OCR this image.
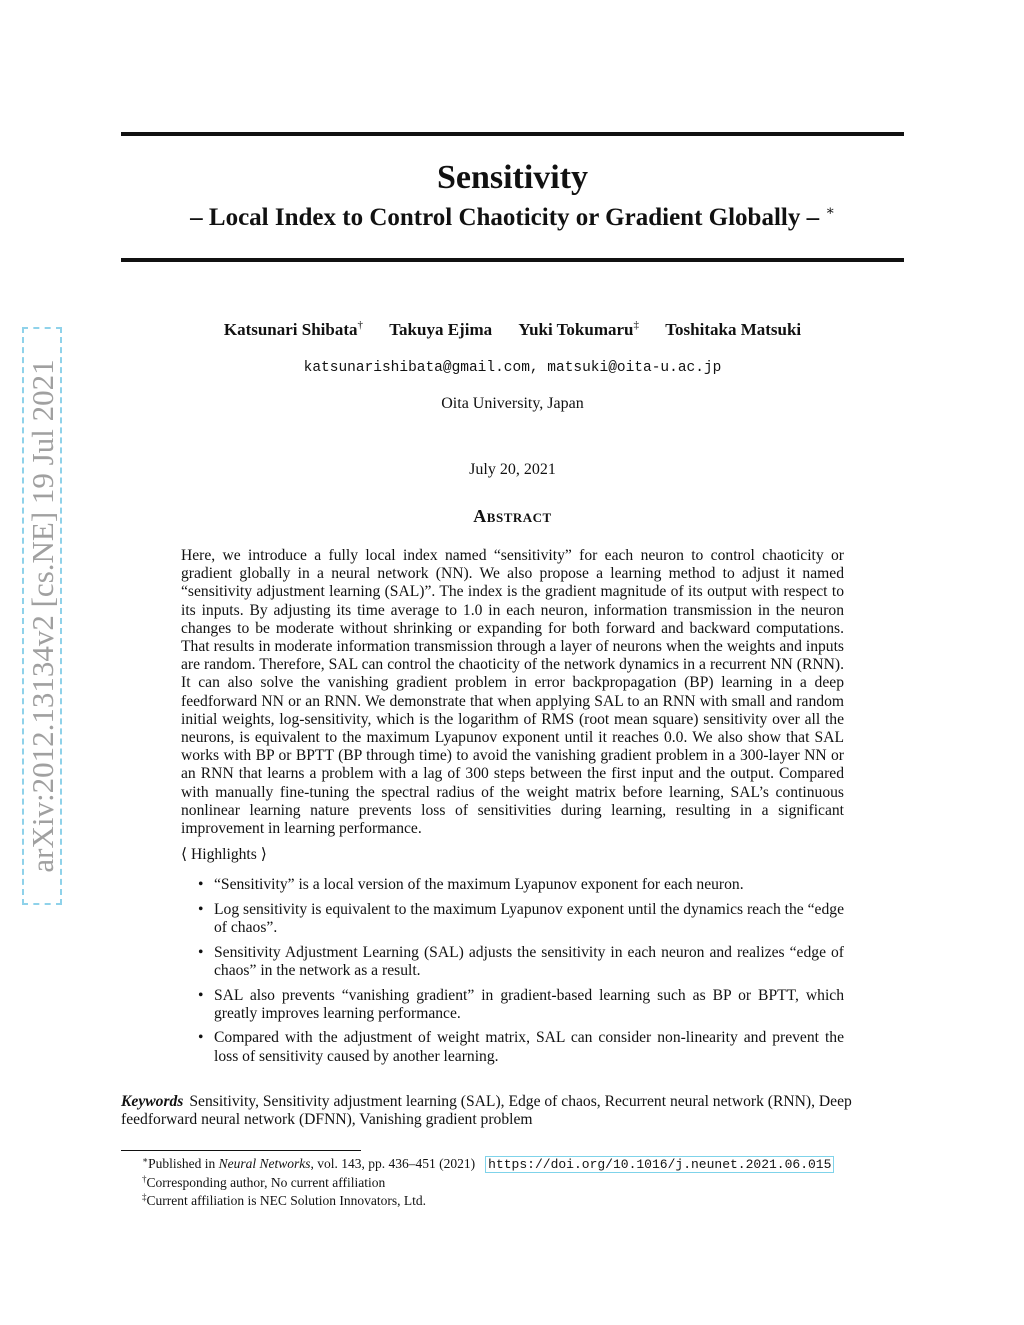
arXiv:2012.13134v2 [cs.NE] 19 Jul 2021
Sensitivity
– Local Index to Control Chaoticity or Gradient Globally – ∗
Katsunari Shibata† Takuya Ejima Yuki Tokumaru‡ Toshitaka Matsuki
katsunarishibata@gmail.com, matsuki@oita-u.ac.jp
Oita University, Japan
July 20, 2021
Abstract

Here, we introduce a fully local index named “sensitivity” for each neuron to control chaoticity or gradient globally in a neural network (NN). We also propose a learning method to adjust it named “sensitivity adjustment learning (SAL)”. The index is the gradient magnitude of its output with respect to its inputs. By adjusting its time average to 1.0 in each neuron, information transmission in the neuron changes to be moderate without shrinking or expanding for both forward and backward computations. That results in moderate information transmission through a layer of neurons when the weights and inputs are random. Therefore, SAL can control the chaoticity of the network dynamics in a recurrent NN (RNN). It can also solve the vanishing gradient problem in error backpropagation (BP) learning in a deep feedforward NN or an RNN. We demonstrate that when applying SAL to an RNN with small and random initial weights, log-sensitivity, which is the logarithm of RMS (root mean square) sensitivity over all the neurons, is equivalent to the maximum Lyapunov exponent until it reaches 0.0. We also show that SAL works with BP or BPTT (BP through time) to avoid the vanishing gradient problem in a 300-layer NN or an RNN that learns a problem with a lag of 300 steps between the first input and the output. Compared with manually fine-tuning the spectral radius of the weight matrix before learning, SAL’s continuous nonlinear learning nature prevents loss of sensitivities during learning, resulting in a significant improvement in learning performance.

⟨ Highlights ⟩
• “Sensitivity” is a local version of the maximum Lyapunov exponent for each neuron.
• Log sensitivity is equivalent to the maximum Lyapunov exponent until the dynamics reach the “edge of chaos”.
• Sensitivity Adjustment Learning (SAL) adjusts the sensitivity in each neuron and realizes “edge of chaos” in the network as a result.
• SAL also prevents “vanishing gradient” in gradient-based learning such as BP or BPTT, which greatly improves learning performance.
• Compared with the adjustment of weight matrix, SAL can consider non-linearity and prevent the loss of sensitivity caused by another learning.

Keywords Sensitivity, Sensitivity adjustment learning (SAL), Edge of chaos, Recurrent neural network (RNN), Deep feedforward neural network (DFNN), Vanishing gradient problem

∗Published in Neural Networks, vol. 143, pp. 436–451 (2021) https://doi.org/10.1016/j.neunet.2021.06.015
†Corresponding author, No current affiliation
‡Current affiliation is NEC Solution Innovators, Ltd.
